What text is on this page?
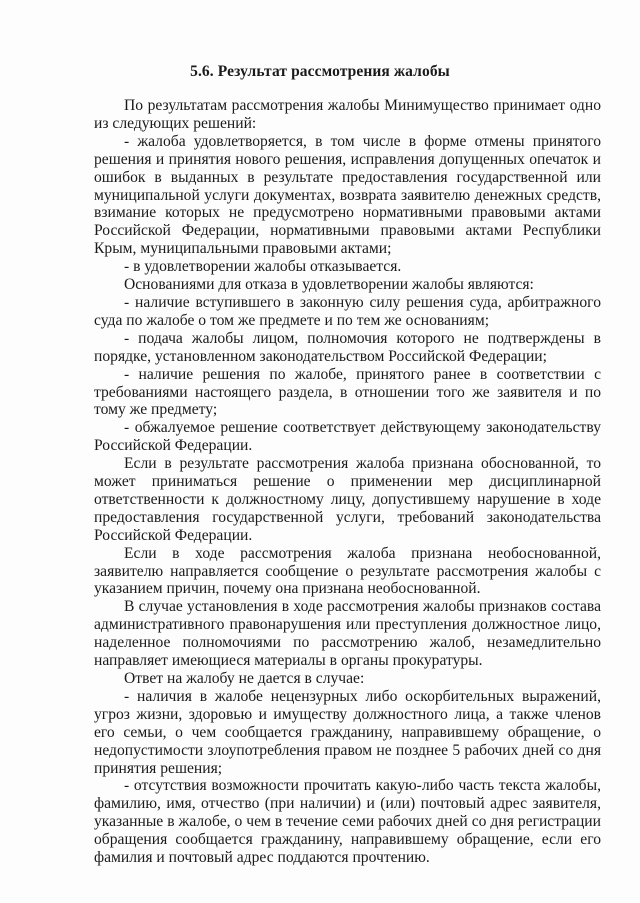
5.6. Результат рассмотрения жалобы

По результатам рассмотрения жалобы Минимущество принимает одно из следующих решений:

- жалоба удовлетворяется, в том числе в форме отмены принятого решения и принятия нового решения, исправления допущенных опечаток и ошибок в выданных в результате предоставления государственной или муниципальной услуги документах, возврата заявителю денежных средств, взимание которых не предусмотрено нормативными правовыми актами Российской Федерации, нормативными правовыми актами Республики Крым, муниципальными правовыми актами;

- в удовлетворении жалобы отказывается.

Основаниями для отказа в удовлетворении жалобы являются:

- наличие вступившего в законную силу решения суда, арбитражного суда по жалобе о том же предмете и по тем же основаниям;

- подача жалобы лицом, полномочия которого не подтверждены в порядке, установленном законодательством Российской Федерации;

- наличие решения по жалобе, принятого ранее в соответствии с требованиями настоящего раздела, в отношении того же заявителя и по тому же предмету;

- обжалуемое решение соответствует действующему законодательству Российской Федерации.

Если в результате рассмотрения жалоба признана обоснованной, то может приниматься решение о применении мер дисциплинарной ответственности к должностному лицу, допустившему нарушение в ходе предоставления государственной услуги, требований законодательства Российской Федерации.

Если в ходе рассмотрения жалоба признана необоснованной, заявителю направляется сообщение о результате рассмотрения жалобы с указанием причин, почему она признана необоснованной.

В случае установления в ходе рассмотрения жалобы признаков состава административного правонарушения или преступления должностное лицо, наделенное полномочиями по рассмотрению жалоб, незамедлительно направляет имеющиеся материалы в органы прокуратуры.

Ответ на жалобу не дается в случае:

- наличия в жалобе нецензурных либо оскорбительных выражений, угроз жизни, здоровью и имуществу должностного лица, а также членов его семьи, о чем сообщается гражданину, направившему обращение, о недопустимости злоупотребления правом не позднее 5 рабочих дней со дня принятия решения;

- отсутствия возможности прочитать какую-либо часть текста жалобы, фамилию, имя, отчество (при наличии) и (или) почтовый адрес заявителя, указанные в жалобе, о чем в течение семи рабочих дней со дня регистрации обращения сообщается гражданину, направившему обращение, если его фамилия и почтовый адрес поддаются прочтению.
